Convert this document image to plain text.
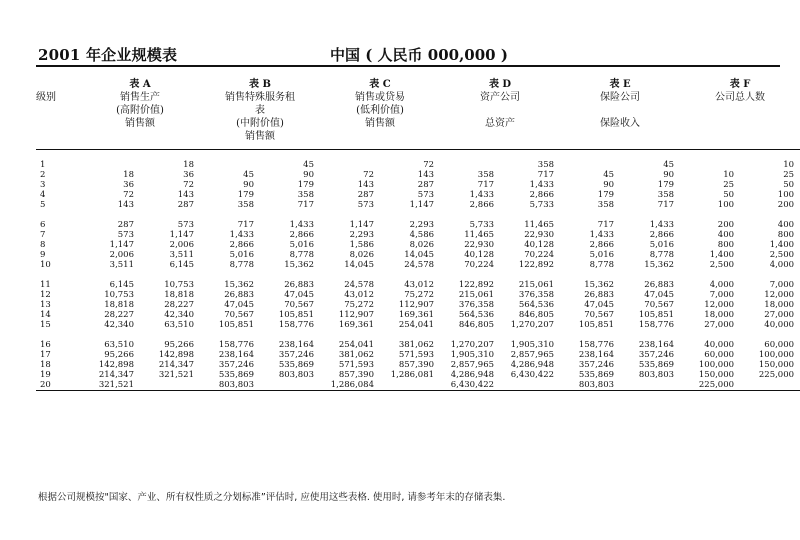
2001 年企业规模表	中国 ( 人民币 000,000 )
	表 A		表 B		表 C		表 D		表 E		表 F	
级别	销售生产		销售特殊服务租		销售或贷易		资产公司		保险公司		公司总人数	
	(高附价值)		表		(低利价值)							
	销售额		(中附价值)		销售额		总资产		保险收入			
			销售额									

1		18		45		72		358		45		10
2	18	36	45	90	72	143	358	717	45	90	10	25
3	36	72	90	179	143	287	717	1,433	90	179	25	50
4	72	143	179	358	287	573	1,433	2,866	179	358	50	100
5	143	287	358	717	573	1,147	2,866	5,733	358	717	100	200

6	287	573	717	1,433	1,147	2,293	5,733	11,465	717	1,433	200	400
7	573	1,147	1,433	2,866	2,293	4,586	11,465	22,930	1,433	2,866	400	800
8	1,147	2,006	2,866	5,016	1,586	8,026	22,930	40,128	2,866	5,016	800	1,400
9	2,006	3,511	5,016	8,778	8,026	14,045	40,128	70,224	5,016	8,778	1,400	2,500
10	3,511	6,145	8,778	15,362	14,045	24,578	70,224	122,892	8,778	15,362	2,500	4,000

11	6,145	10,753	15,362	26,883	24,578	43,012	122,892	215,061	15,362	26,883	4,000	7,000
12	10,753	18,818	26,883	47,045	43,012	75,272	215,061	376,358	26,883	47,045	7,000	12,000
13	18,818	28,227	47,045	70,567	75,272	112,907	376,358	564,536	47,045	70,567	12,000	18,000
14	28,227	42,340	70,567	105,851	112,907	169,361	564,536	846,805	70,567	105,851	18,000	27,000
15	42,340	63,510	105,851	158,776	169,361	254,041	846,805	1,270,207	105,851	158,776	27,000	40,000

16	63,510	95,266	158,776	238,164	254,041	381,062	1,270,207	1,905,310	158,776	238,164	40,000	60,000
17	95,266	142,898	238,164	357,246	381,062	571,593	1,905,310	2,857,965	238,164	357,246	60,000	100,000
18	142,898	214,347	357,246	535,869	571,593	857,390	2,857,965	4,286,948	357,246	535,869	100,000	150,000
19	214,347	321,521	535,869	803,803	857,390	1,286,081	4,286,948	6,430,422	535,869	803,803	150,000	225,000
20	321,521		803,803		1,286,084		6,430,422		803,803		225,000	
根据公司规模按"国家、产业、所有权性质之分划标准”评估时, 应使用这些表格. 使用时, 请参考年末的存储表集.
